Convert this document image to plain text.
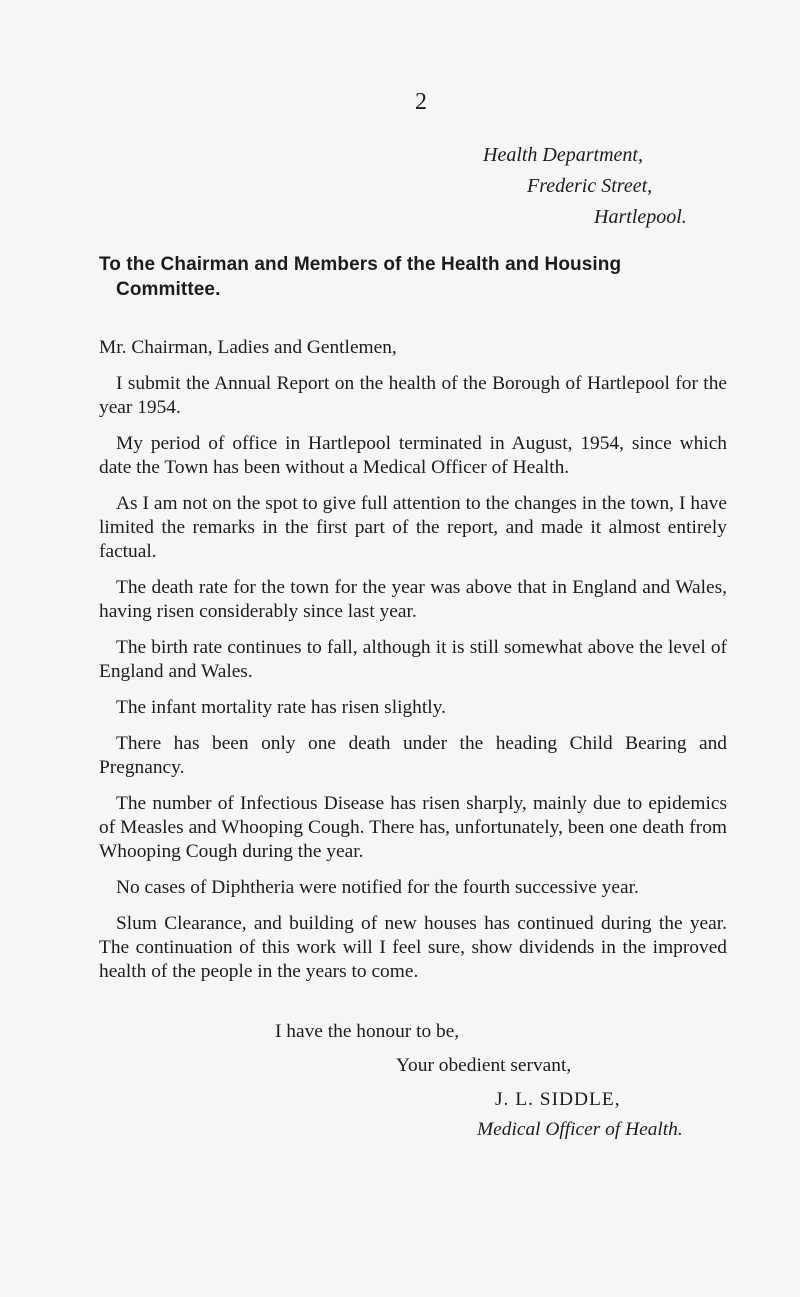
2
Health Department,
Frederic Street,
Hartlepool.
To the Chairman and Members of the Health and Housing
Committee.

Mr. Chairman, Ladies and Gentlemen,

I submit the Annual Report on the health of the Borough of Hartlepool for the year 1954.

My period of office in Hartlepool terminated in August, 1954, since which date the Town has been without a Medical Officer of Health.

As I am not on the spot to give full attention to the changes in the town, I have limited the remarks in the first part of the report, and made it almost entirely factual.

The death rate for the town for the year was above that in England and Wales, having risen considerably since last year.

The birth rate continues to fall, although it is still somewhat above the level of England and Wales.

The infant mortality rate has risen slightly.

There has been only one death under the heading Child Bearing and Pregnancy.

The number of Infectious Disease has risen sharply, mainly due to epidemics of Measles and Whooping Cough. There has, unfortunately, been one death from Whooping Cough during the year.

No cases of Diphtheria were notified for the fourth successive year.

Slum Clearance, and building of new houses has continued during the year. The continuation of this work will I feel sure, show dividends in the improved health of the people in the years to come.

I have the honour to be,
Your obedient servant,
J. L. SIDDLE,
Medical Officer of Health.
